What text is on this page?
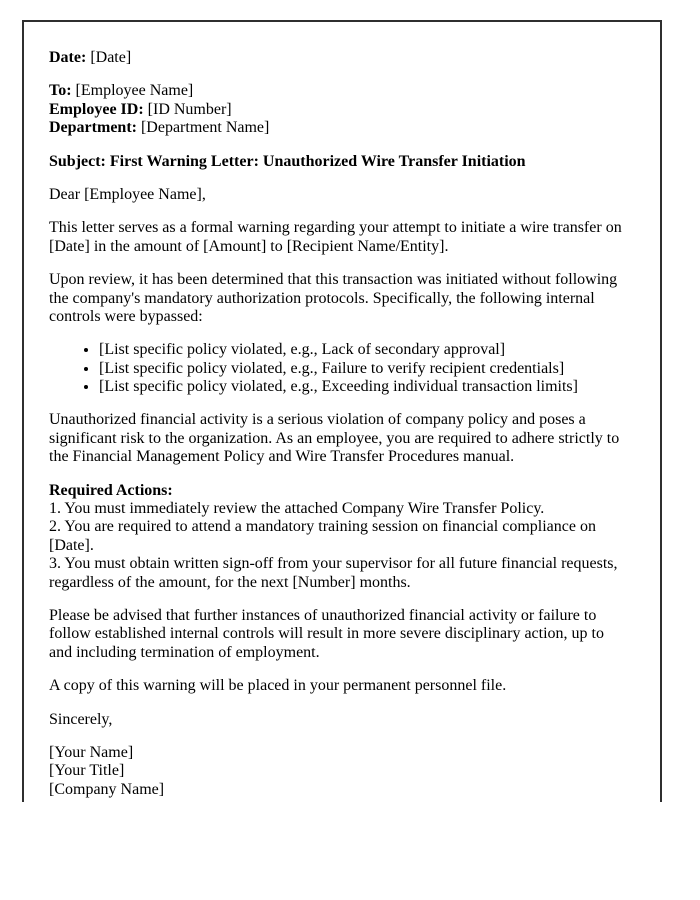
Date: [Date]

To: [Employee Name]
Employee ID: [ID Number]
Department: [Department Name]

Subject: First Warning Letter: Unauthorized Wire Transfer Initiation

Dear [Employee Name],

This letter serves as a formal warning regarding your attempt to initiate a wire transfer on [Date] in the amount of [Amount] to [Recipient Name/Entity].

Upon review, it has been determined that this transaction was initiated without following the company's mandatory authorization protocols. Specifically, the following internal controls were bypassed:

• [List specific policy violated, e.g., Lack of secondary approval]
• [List specific policy violated, e.g., Failure to verify recipient credentials]
• [List specific policy violated, e.g., Exceeding individual transaction limits]

Unauthorized financial activity is a serious violation of company policy and poses a significant risk to the organization. As an employee, you are required to adhere strictly to the Financial Management Policy and Wire Transfer Procedures manual.

Required Actions:
1. You must immediately review the attached Company Wire Transfer Policy.
2. You are required to attend a mandatory training session on financial compliance on [Date].
3. You must obtain written sign-off from your supervisor for all future financial requests, regardless of the amount, for the next [Number] months.

Please be advised that further instances of unauthorized financial activity or failure to follow established internal controls will result in more severe disciplinary action, up to and including termination of employment.

A copy of this warning will be placed in your permanent personnel file.

Sincerely,

[Your Name]
[Your Title]
[Company Name]
